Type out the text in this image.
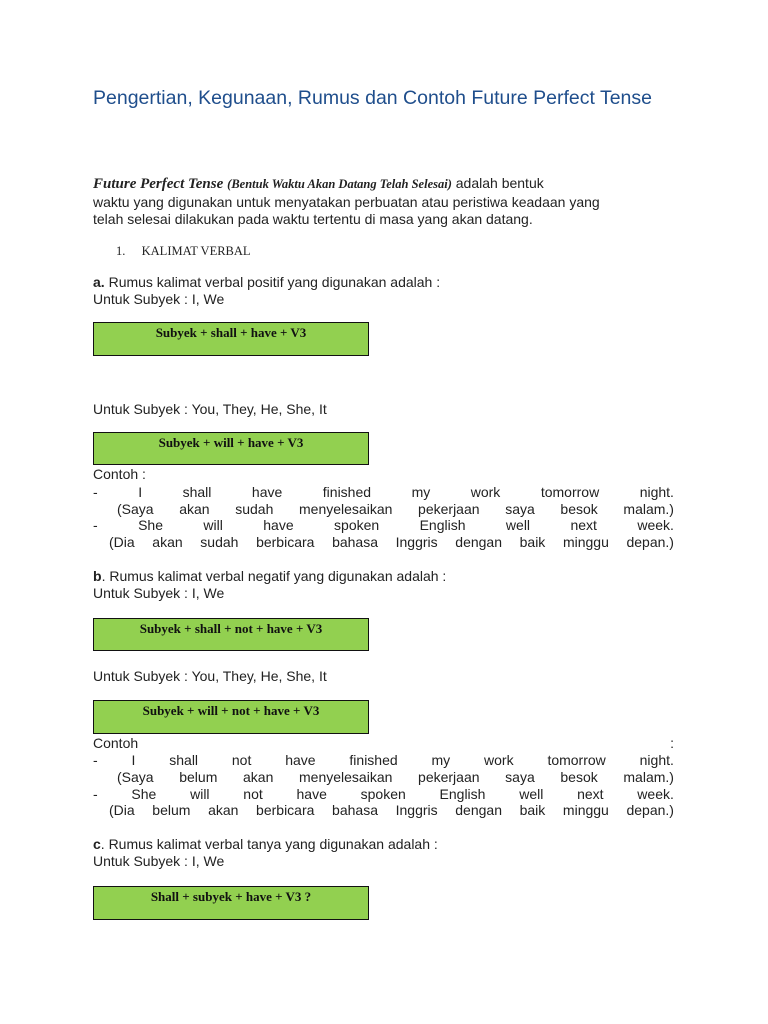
Pengertian, Kegunaan, Rumus dan Contoh Future Perfect Tense
Future Perfect Tense (Bentuk Waktu Akan Datang Telah Selesai) adalah bentuk
waktu yang digunakan untuk menyatakan perbuatan atau peristiwa keadaan yang
telah selesai dilakukan pada waktu tertentu di masa yang akan datang.
1. KALIMAT VERBAL
a. Rumus kalimat verbal positif yang digunakan adalah :
Untuk Subyek : I, We
Subyek + shall + have + V3
Untuk Subyek : You, They, He, She, It
Subyek + will + have + V3
Contoh :
-	I	shall	have	finished	my	work	tomorrow	night.
(Saya akan sudah menyelesaikan pekerjaan saya besok malam.)
-	She	will	have	spoken	English	well	next	week.
(Dia akan sudah berbicara bahasa Inggris dengan baik minggu depan.)
b. Rumus kalimat verbal negatif yang digunakan adalah :
Untuk Subyek : I, We
Subyek + shall + not + have + V3
Untuk Subyek : You, They, He, She, It
Subyek + will + not + have + V3
Contoh	:
- I shall not have finished my work tomorrow night.
(Saya belum akan menyelesaikan pekerjaan saya besok malam.)
- She will not have spoken English well next week.
(Dia belum akan berbicara bahasa Inggris dengan baik minggu depan.)
c. Rumus kalimat verbal tanya yang digunakan adalah :
Untuk Subyek : I, We
Shall + subyek + have + V3 ?
